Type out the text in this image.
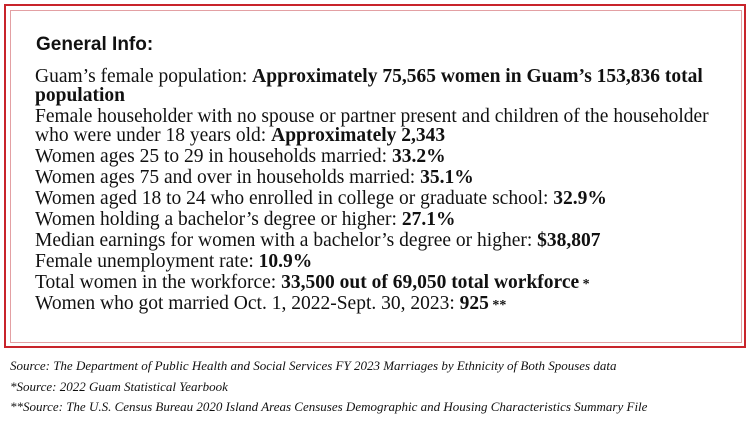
General Info:
Guam’s female population: Approximately 75,565 women in Guam’s 153,836 total population
Female householder with no spouse or partner present and children of the householder who were under 18 years old: Approximately 2,343
Women ages 25 to 29 in households married: 33.2%
Women ages 75 and over in households married: 35.1%
Women aged 18 to 24 who enrolled in college or graduate school: 32.9%
Women holding a bachelor’s degree or higher: 27.1%
Median earnings for women with a bachelor’s degree or higher: $38,807
Female unemployment rate: 10.9%
Total women in the workforce: 33,500 out of 69,050 total workforce *
Women who got married Oct. 1, 2022-Sept. 30, 2023: 925 **
Source: The Department of Public Health and Social Services FY 2023 Marriages by Ethnicity of Both Spouses data
*Source: 2022 Guam Statistical Yearbook
**Source: The U.S. Census Bureau 2020 Island Areas Censuses Demographic and Housing Characteristics Summary File
